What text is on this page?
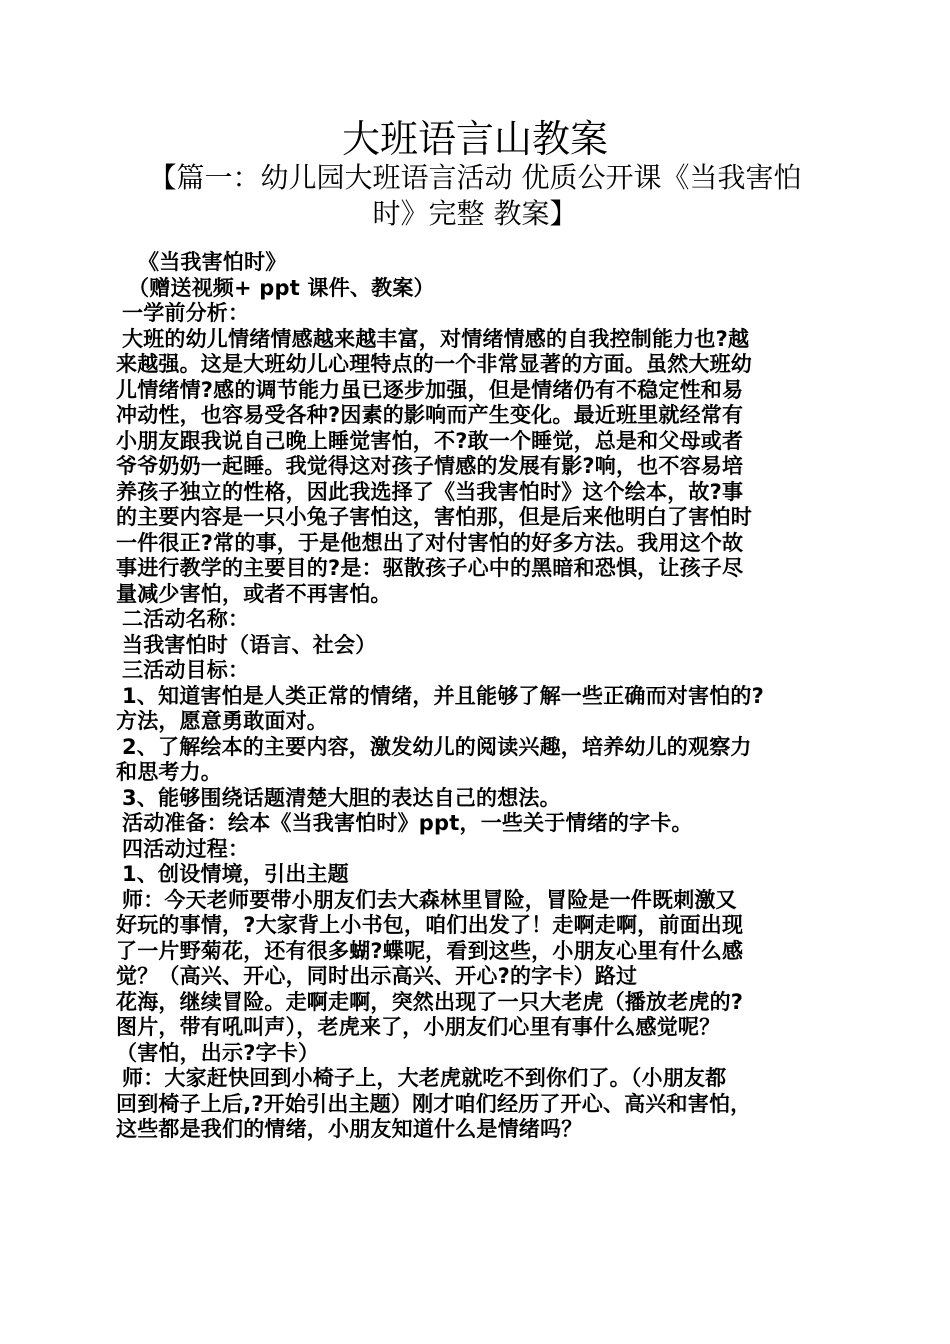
大班语言山教案
【篇一：幼儿园大班语言活动 优质公开课《当我害怕
时》完整 教案】
《当我害怕时》
（赠送视频+ ppt 课件、教案）
一学前分析：
大班的幼儿情绪情感越来越丰富，对情绪情感的自我控制能力也?越
来越强。这是大班幼儿心理特点的一个非常显著的方面。虽然大班幼
儿情绪情?感的调节能力虽已逐步加强，但是情绪仍有不稳定性和易
冲动性，也容易受各种?因素的影响而产生变化。最近班里就经常有
小朋友跟我说自己晚上睡觉害怕，不?敢一个睡觉，总是和父母或者
爷爷奶奶一起睡。我觉得这对孩子情感的发展有影?响，也不容易培
养孩子独立的性格，因此我选择了《当我害怕时》这个绘本，故?事
的主要内容是一只小兔子害怕这，害怕那，但是后来他明白了害怕时
一件很正?常的事，于是他想出了对付害怕的好多方法。我用这个故
事进行教学的主要目的?是：驱散孩子心中的黑暗和恐惧，让孩子尽
量减少害怕，或者不再害怕。
二活动名称：
当我害怕时（语言、社会）
三活动目标：
1、知道害怕是人类正常的情绪，并且能够了解一些正确而对害怕的?
方法，愿意勇敢面对。
2、了解绘本的主要内容，激发幼儿的阅读兴趣，培养幼儿的观察力
和思考力。
3、能够围绕话题清楚大胆的表达自己的想法。
活动准备：绘本《当我害怕时》ppt，一些关于情绪的字卡。
四活动过程：
1、创设情境，引出主题
师：今天老师要带小朋友们去大森林里冒险，冒险是一件既刺激又
好玩的事情，?大家背上小书包，咱们出发了！走啊走啊，前面出现
了一片野菊花，还有很多蝴?蝶呢，看到这些，小朋友心里有什么感
觉？（高兴、开心，同时出示高兴、开心?的字卡）路过
花海，继续冒险。走啊走啊，突然出现了一只大老虎（播放老虎的?
图片，带有吼叫声），老虎来了，小朋友们心里有事什么感觉呢？
（害怕，出示?字卡）
师：大家赶快回到小椅子上，大老虎就吃不到你们了。（小朋友都
回到椅子上后,?开始引出主题）刚才咱们经历了开心、高兴和害怕，
这些都是我们的情绪，小朋友知道什么是情绪吗？
